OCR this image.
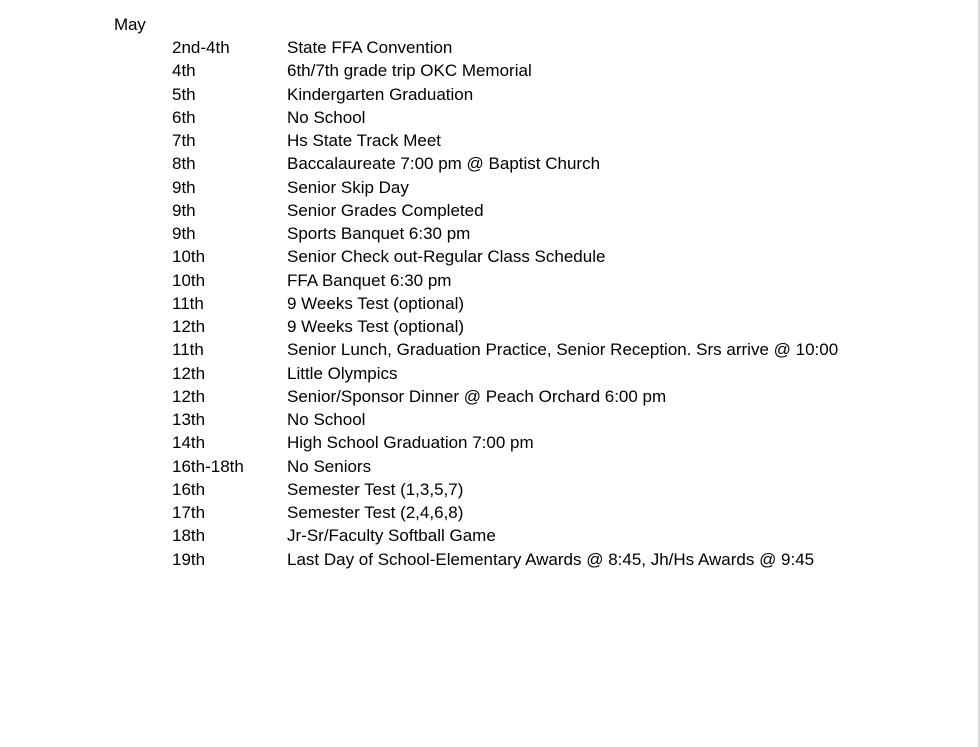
May
2nd-4th	State FFA Convention
4th	6th/7th grade trip OKC Memorial
5th	Kindergarten Graduation
6th	No School
7th	Hs State Track Meet
8th	Baccalaureate 7:00 pm @ Baptist Church
9th	Senior Skip Day
9th	Senior Grades Completed
9th	Sports Banquet 6:30 pm
10th	Senior Check out-Regular Class Schedule
10th	FFA Banquet 6:30 pm
11th	9 Weeks Test (optional)
12th	9 Weeks Test (optional)
11th	Senior Lunch, Graduation Practice, Senior Reception. Srs arrive @ 10:00
12th	Little Olympics
12th	Senior/Sponsor Dinner @ Peach Orchard 6:00 pm
13th	No School
14th	High School Graduation 7:00 pm
16th-18th	No Seniors
16th	Semester Test (1,3,5,7)
17th	Semester Test (2,4,6,8)
18th	Jr-Sr/Faculty Softball Game
19th	Last Day of School-Elementary Awards @ 8:45, Jh/Hs Awards @ 9:45
